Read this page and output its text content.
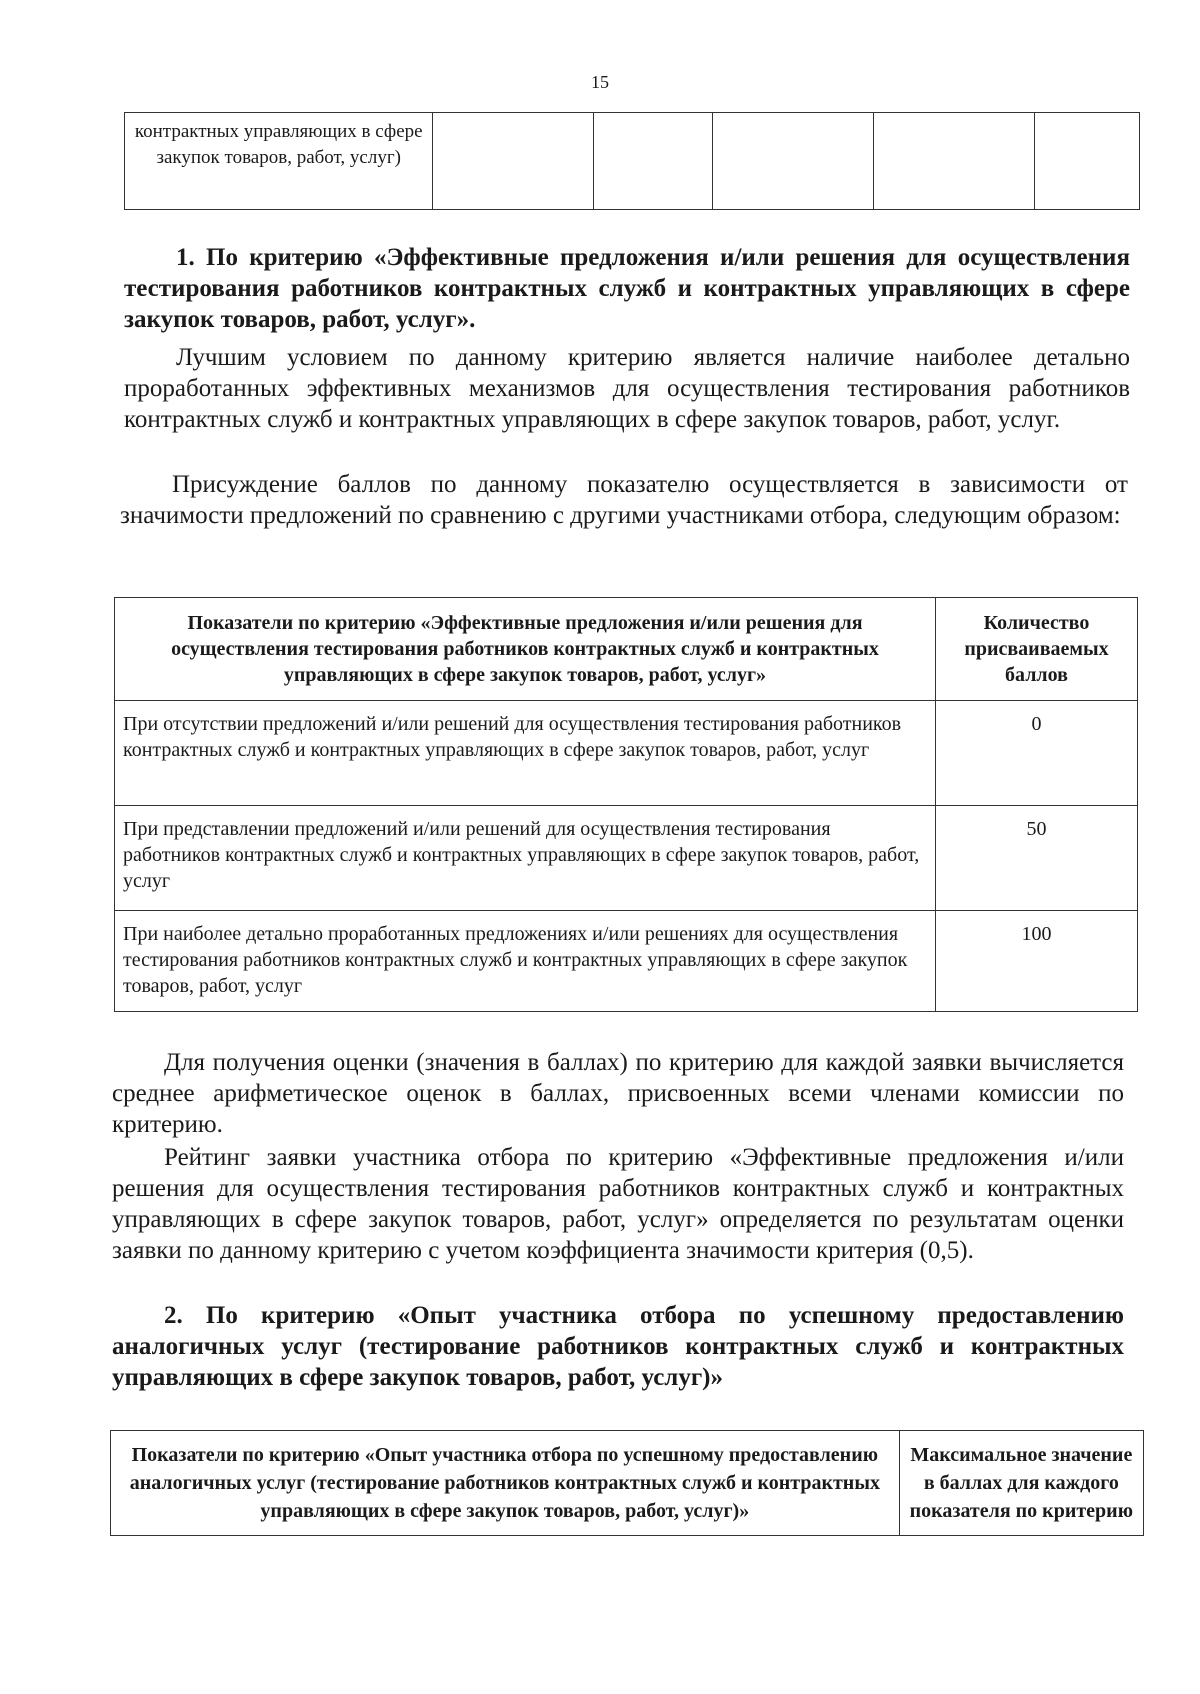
15
контрактных управляющих в сфере закупок товаров, работ, услуг)					
1. По критерию «Эффективные предложения и/или решения для осуществления тестирования работников контрактных служб и контрактных управляющих в сфере закупок товаров, работ, услуг».
Лучшим условием по данному критерию является наличие наиболее детально проработанных эффективных механизмов для осуществления тестирования работников контрактных служб и контрактных управляющих в сфере закупок товаров, работ, услуг.
Присуждение баллов по данному показателю осуществляется в зависимости от значимости предложений по сравнению с другими участниками отбора, следующим образом:
Показатели по критерию «Эффективные предложения и/или решения для осуществления тестирования работников контрактных служб и контрактных управляющих в сфере закупок товаров, работ, услуг»	Количество присваиваемых баллов
При отсутствии предложений и/или решений для осуществления тестирования работников контрактных служб и контрактных управляющих в сфере закупок товаров, работ, услуг	0
При представлении предложений и/или решений для осуществления тестирования работников контрактных служб и контрактных управляющих в сфере закупок товаров, работ, услуг	50
При наиболее детально проработанных предложениях и/или решениях для осуществления тестирования работников контрактных служб и контрактных управляющих в сфере закупок товаров, работ, услуг	100
Для получения оценки (значения в баллах) по критерию для каждой заявки вычисляется среднее арифметическое оценок в баллах, присвоенных всеми членами комиссии по критерию.
Рейтинг заявки участника отбора по критерию «Эффективные предложения и/или решения для осуществления тестирования работников контрактных служб и контрактных управляющих в сфере закупок товаров, работ, услуг» определяется по результатам оценки заявки по данному критерию с учетом коэффициента значимости критерия (0,5).
2. По критерию «Опыт участника отбора по успешному предоставлению аналогичных услуг (тестирование работников контрактных служб и контрактных управляющих в сфере закупок товаров, работ, услуг)»
Показатели по критерию «Опыт участника отбора по успешному предоставлению аналогичных услуг (тестирование работников контрактных служб и контрактных управляющих в сфере закупок товаров, работ, услуг)»	Максимальное значение в баллах для каждого показателя по критерию
